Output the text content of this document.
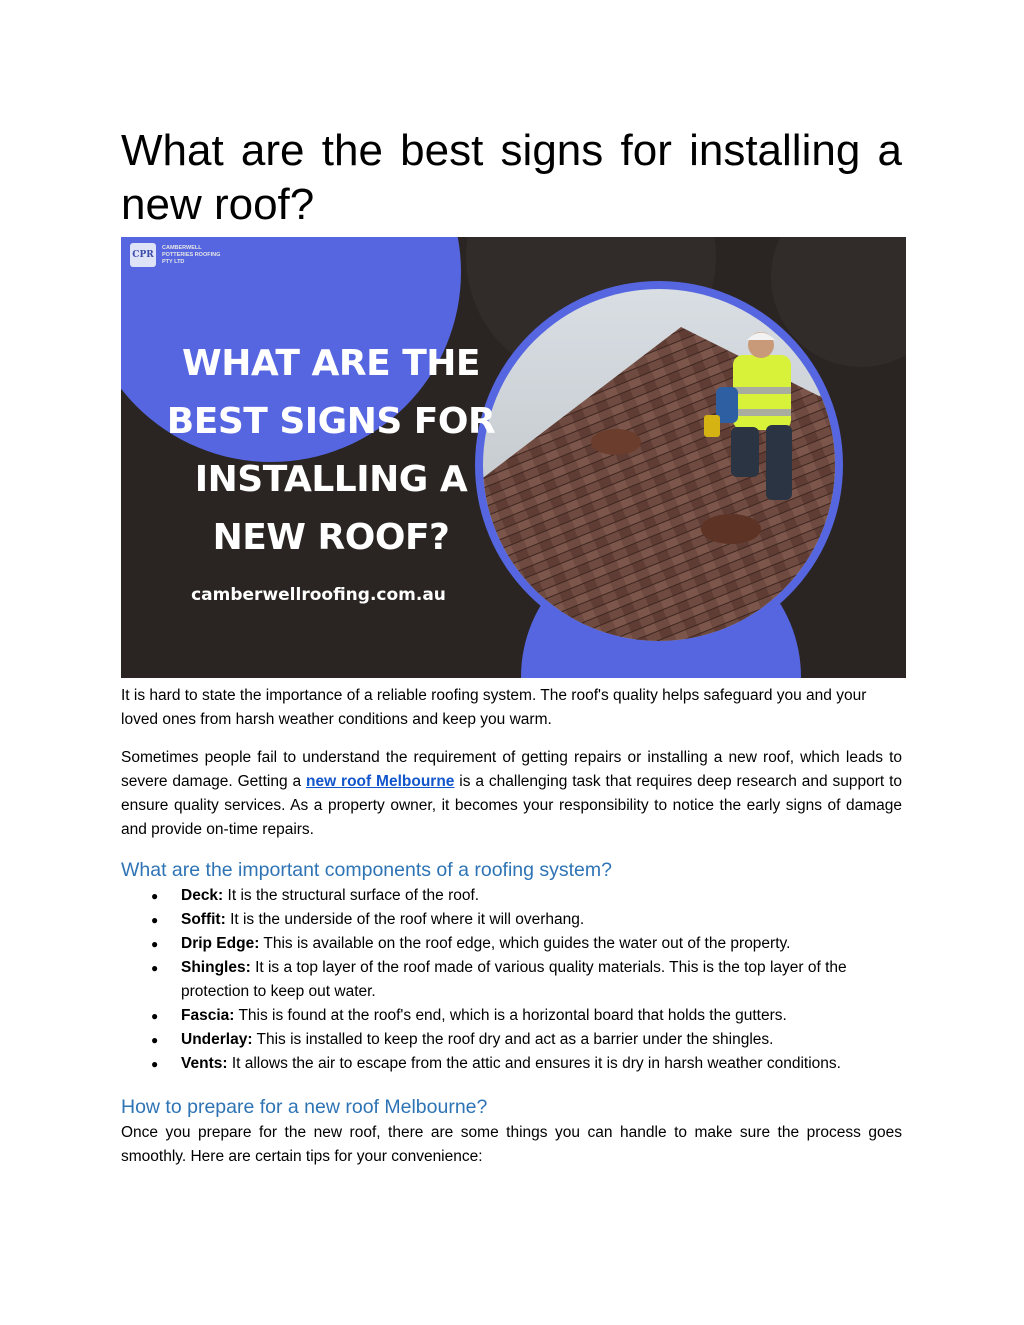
What are the best signs for installing a new roof?
CPR
CAMBERWELL POTTERIES ROOFING PTY LTD
WHAT ARE THE
BEST SIGNS FOR
INSTALLING A
NEW ROOF?
camberwellroofing.com.au

It is hard to state the importance of a reliable roofing system. The roof's quality helps safeguard you and your loved ones from harsh weather conditions and keep you warm.

Sometimes people fail to understand the requirement of getting repairs or installing a new roof, which leads to severe damage. Getting a new roof Melbourne is a challenging task that requires deep research and support to ensure quality services. As a property owner, it becomes your responsibility to notice the early signs of damage and provide on-time repairs.

What are the important components of a roofing system?
● Deck: It is the structural surface of the roof.
● Soffit: It is the underside of the roof where it will overhang.
● Drip Edge: This is available on the roof edge, which guides the water out of the property.
● Shingles: It is a top layer of the roof made of various quality materials. This is the top layer of the protection to keep out water.
● Fascia: This is found at the roof's end, which is a horizontal board that holds the gutters.
● Underlay: This is installed to keep the roof dry and act as a barrier under the shingles.
● Vents: It allows the air to escape from the attic and ensures it is dry in harsh weather conditions.
How to prepare for a new roof Melbourne?

Once you prepare for the new roof, there are some things you can handle to make sure the process goes smoothly. Here are certain tips for your convenience:
